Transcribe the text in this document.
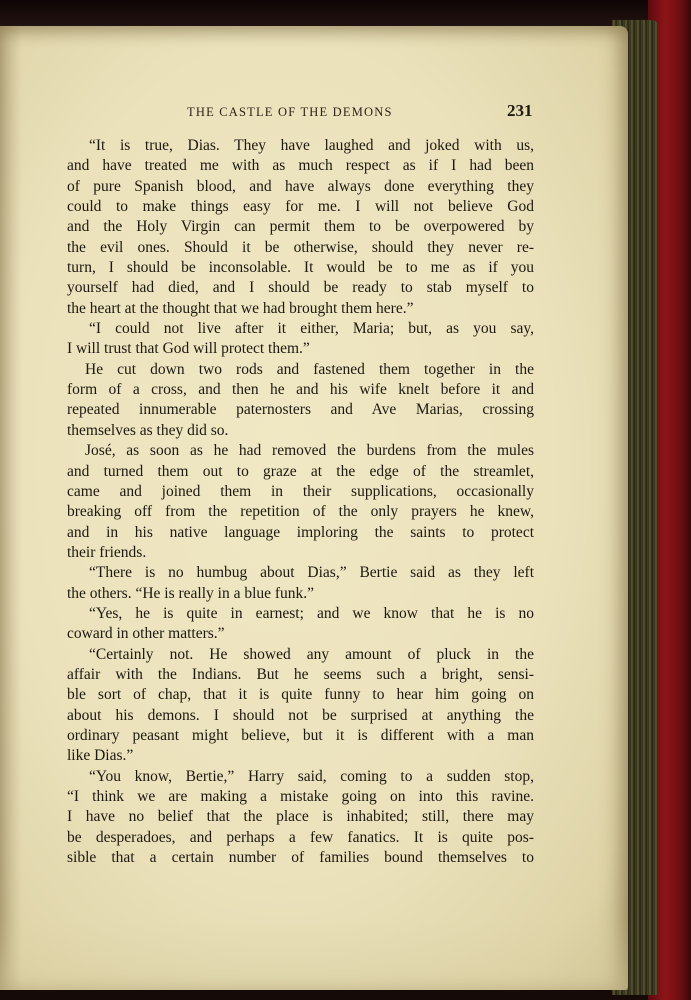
THE CASTLE OF THE DEMONS	231
“It is true, Dias. They have laughed and joked with us,
and have treated me with as much respect as if I had been
of pure Spanish blood, and have always done everything they
could to make things easy for me. I will not believe God
and the Holy Virgin can permit them to be overpowered by
the evil ones. Should it be otherwise, should they never re-
turn, I should be inconsolable. It would be to me as if you
yourself had died, and I should be ready to stab myself to
the heart at the thought that we had brought them here.”
“I could not live after it either, Maria; but, as you say,
I will trust that God will protect them.”
He cut down two rods and fastened them together in the
form of a cross, and then he and his wife knelt before it and
repeated innumerable paternosters and Ave Marias, crossing
themselves as they did so.
José, as soon as he had removed the burdens from the mules
and turned them out to graze at the edge of the streamlet,
came and joined them in their supplications, occasionally
breaking off from the repetition of the only prayers he knew,
and in his native language imploring the saints to protect
their friends.
“There is no humbug about Dias,” Bertie said as they left
the others. “He is really in a blue funk.”
“Yes, he is quite in earnest; and we know that he is no
coward in other matters.”
“Certainly not. He showed any amount of pluck in the
affair with the Indians. But he seems such a bright, sensi-
ble sort of chap, that it is quite funny to hear him going on
about his demons. I should not be surprised at anything the
ordinary peasant might believe, but it is different with a man
like Dias.”
“You know, Bertie,” Harry said, coming to a sudden stop,
“I think we are making a mistake going on into this ravine.
I have no belief that the place is inhabited; still, there may
be desperadoes, and perhaps a few fanatics. It is quite pos-
sible that a certain number of families bound themselves to
